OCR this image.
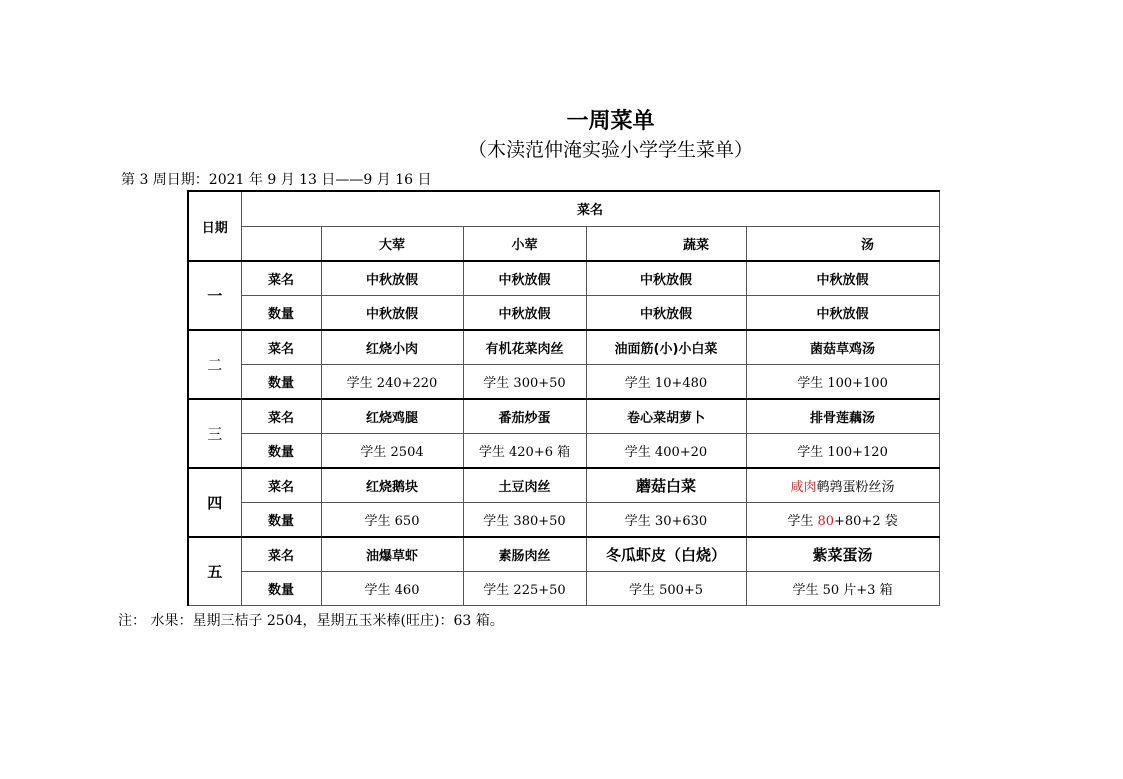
一周菜单
（木渎范仲淹实验小学学生菜单）
第 3 周日期：2021 年 9 月 13 日——9 月 16 日
日期	菜名				
		大荤	小荤	蔬菜	汤
一	菜名	中秋放假	中秋放假	中秋放假	中秋放假
	数量	中秋放假	中秋放假	中秋放假	中秋放假
二	菜名	红烧小肉	有机花菜肉丝	油面筋(小)小白菜	菌菇草鸡汤
	数量	学生 240+220	学生 300+50	学生 10+480	学生 100+100
三	菜名	红烧鸡腿	番茄炒蛋	卷心菜胡萝卜	排骨莲藕汤
	数量	学生 2504	学生 420+6 箱	学生 400+20	学生 100+120
四	菜名	红烧鹅块	土豆肉丝	蘑菇白菜	咸肉鹌鹑蛋粉丝汤
	数量	学生 650	学生 380+50	学生 30+630	学生 80+80+2 袋
五	菜名	油爆草虾	素肠肉丝	冬瓜虾皮（白烧）	紫菜蛋汤
	数量	学生 460	学生 225+50	学生 500+5	学生 50 片+3 箱
注： 水果：星期三桔子 2504，星期五玉米棒(旺庄)：63 箱。
